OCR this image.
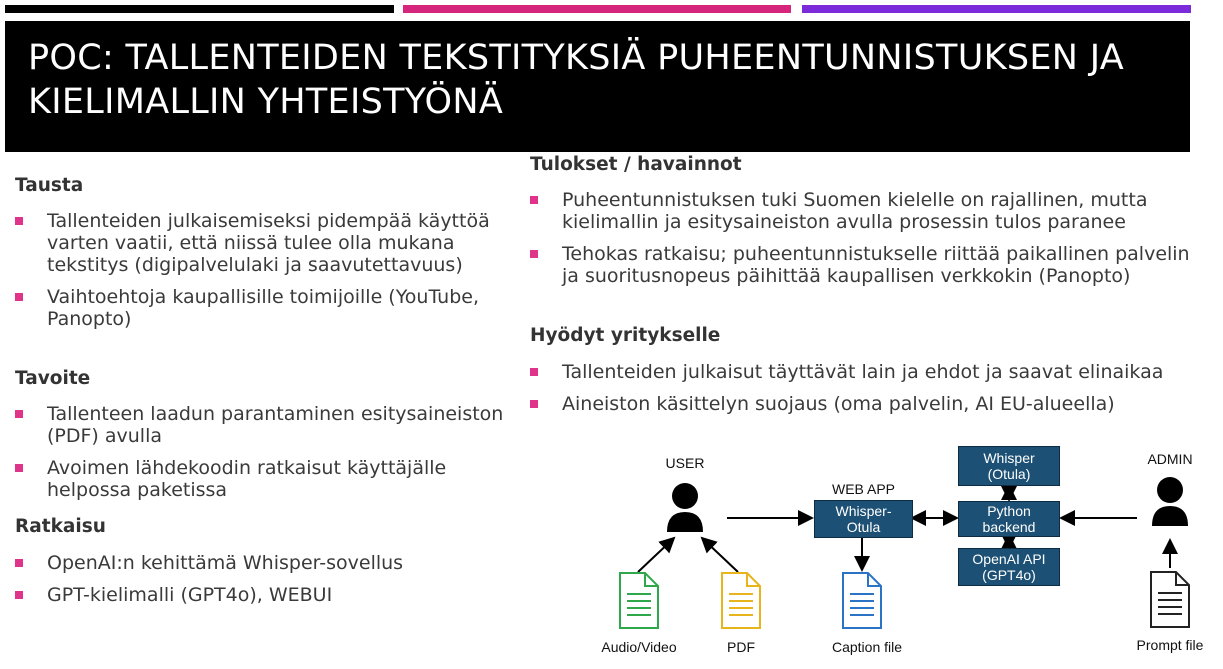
POC: TALLENTEIDEN TEKSTITYKSIÄ PUHEENTUNNISTUKSEN JA KIELIMALLIN YHTEISTYÖNÄ
Tausta
Tallenteiden julkaisemiseksi pidempää käyttöä varten vaatii, että niissä tulee olla mukana tekstitys (digipalvelulaki ja saavutettavuus)
Vaihtoehtoja kaupallisille toimijoille (YouTube, Panopto)
Tavoite
Tallenteen laadun parantaminen esitysaineiston (PDF) avulla
Avoimen lähdekoodin ratkaisut käyttäjälle helpossa paketissa
Ratkaisu
OpenAI:n kehittämä Whisper-sovellus
GPT-kielimalli (GPT4o), WEBUI
Tulokset / havainnot
Puheentunnistuksen tuki Suomen kielelle on rajallinen, mutta kielimallin ja esitysaineiston avulla prosessin tulos paranee
Tehokas ratkaisu; puheentunnistukselle riittää paikallinen palvelin ja suoritusnopeus päihittää kaupallisen verkkokin (Panopto)
Hyödyt yritykselle
Tallenteiden julkaisut täyttävät lain ja ehdot ja saavat elinaikaa
Aineiston käsittelyn suojaus (oma palvelin, AI EU-alueella)
USER	ADMIN
WEB APP
Whisper-
Otula
Whisper
(Otula)
Python
backend
OpenAI API
(GPT4o)
Audio/Video	PDF	Caption file	Prompt file
